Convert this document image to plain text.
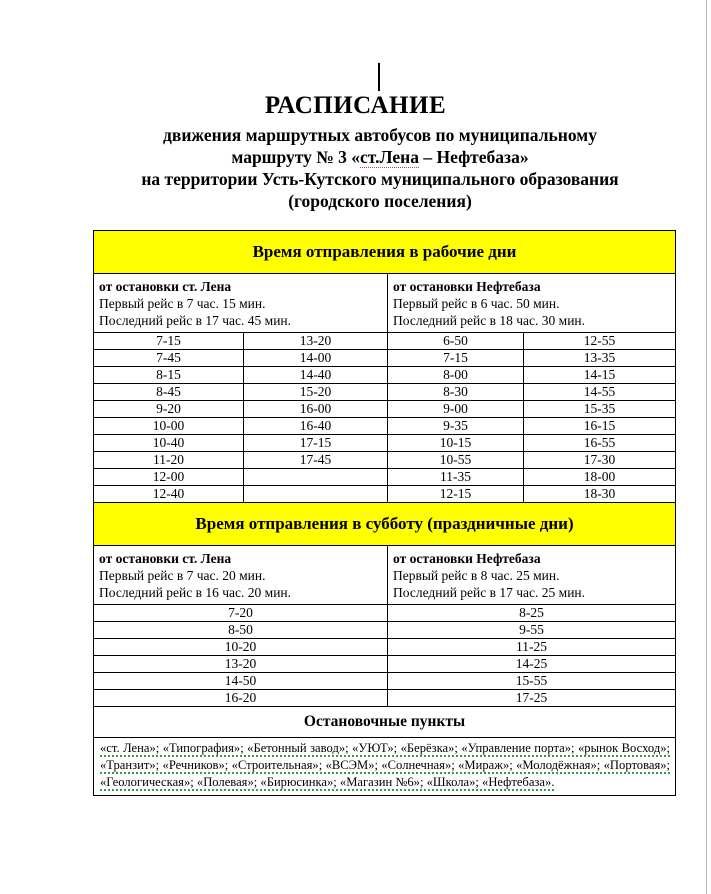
РАСПИСАНИЕ
движения маршрутных автобусов по муниципальному
маршруту № 3 «ст.Лена – Нефтебаза»
на территории Усть-Кутского муниципального образования
(городского поселения)
Время отправления в рабочие дни			
от остановки ст. Лена
Первый рейс в 7 час. 15 мин.
Последний рейс в 17 час. 45 мин.		от остановки Нефтебаза
Первый рейс в 6 час. 50 мин.
Последний рейс в 18 час. 30 мин.	
7-15	13-20	6-50	12-55
7-45	14-00	7-15	13-35
8-15	14-40	8-00	14-15
8-45	15-20	8-30	14-55
9-20	16-00	9-00	15-35
10-00	16-40	9-35	16-15
10-40	17-15	10-15	16-55
11-20	17-45	10-55	17-30
12-00		11-35	18-00
12-40		12-15	18-30
Время отправления в субботу (праздничные дни)			
от остановки ст. Лена
Первый рейс в 7 час. 20 мин.
Последний рейс в 16 час. 20 мин.		от остановки Нефтебаза
Первый рейс в 8 час. 25 мин.
Последний рейс в 17 час. 25 мин.	
7-20		8-25	
8-50		9-55	
10-20		11-25	
13-20		14-25	
14-50		15-55	
16-20		17-25	
Остановочные пункты			
«ст. Лена»; «Типография»; «Бетонный завод»; «УЮТ»; «Берёзка»; «Управление порта»; «рынок Восход»; «Транзит»; «Речников»; «Строительная»; «ВСЭМ»; «Солнечная»; «Мираж»; «Молодёжная»; «Портовая»; «Геологическая»; «Полевая»; «Бирюсинка»; «Магазин №6»; «Школа»; «Нефтебаза».			
